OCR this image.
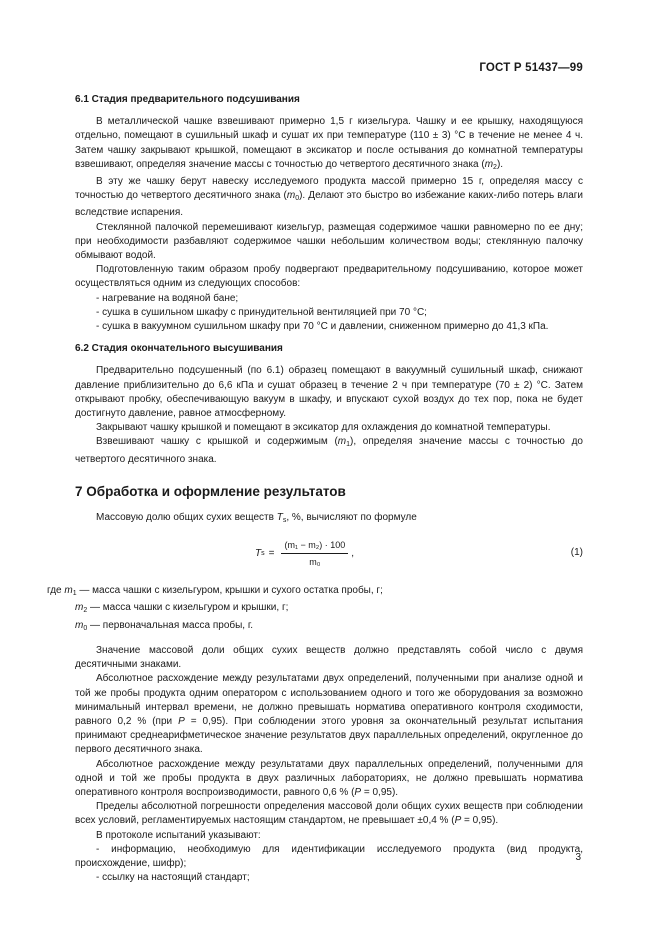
ГОСТ Р 51437—99
6.1 Стадия предварительного подсушивания

В металлической чашке взвешивают примерно 1,5 г кизельгура. Чашку и ее крышку, находящуюся отдельно, помещают в сушильный шкаф и сушат их при температуре (110 ± 3) °С в течение не менее 4 ч. Затем чашку закрывают крышкой, помещают в эксикатор и после остывания до комнатной температуры взвешивают, определяя значение массы с точностью до четвертого десятичного знака $(m_2)$.

В эту же чашку берут навеску исследуемого продукта массой примерно 15 г, определяя массу с точностью до четвертого десятичного знака $(m_0)$. Делают это быстро во избежание каких-либо потерь влаги вследствие испарения.

Стеклянной палочкой перемешивают кизельгур, размещая содержимое чашки равномерно по ее дну; при необходимости разбавляют содержимое чашки небольшим количеством воды; стеклянную палочку обмывают водой.

Подготовленную таким образом пробу подвергают предварительному подсушиванию, которое может осуществляться одним из следующих способов:

- нагревание на водяной бане;

- сушка в сушильном шкафу с принудительной вентиляцией при 70 °С;

- сушка в вакуумном сушильном шкафу при 70 °С и давлении, сниженном примерно до 41,3 кПа.

6.2 Стадия окончательного высушивания

Предварительно подсушенный (по 6.1) образец помещают в вакуумный сушильный шкаф, снижают давление приблизительно до 6,6 кПа и сушат образец в течение 2 ч при температуре (70 ± 2) °С. Затем открывают пробку, обеспечивающую вакуум в шкафу, и впускают сухой воздух до тех пор, пока не будет достигнуто давление, равное атмосферному.

Закрывают чашку крышкой и помещают в эксикатор для охлаждения до комнатной температуры.

Взвешивают чашку с крышкой и содержимым $(m_1)$, определяя значение массы с точностью до четвертого десятичного знака.

7 Обработка и оформление результатов

Массовую долю общих сухих веществ $T_s$, %, вычисляют по формуле

T $s = \frac{\text{(m₁ − m₂) · 100}}{\text{m₀}}$ ,	(1)

где $m_1$ — масса чашки с кизельгуром, крышки и сухого остатка пробы, г;

$m_2$ — масса чашки с кизельгуром и крышки, г;

$m_0$ — первоначальная масса пробы, г.

Значение массовой доли общих сухих веществ должно представлять собой число с двумя десятичными знаками.

Абсолютное расхождение между результатами двух определений, полученными при анализе одной и той же пробы продукта одним оператором с использованием одного и того же оборудования за возможно минимальный интервал времени, не должно превышать норматива оперативного контроля сходимости, равного 0,2 % (при P = 0,95). При соблюдении этого уровня за окончательный результат испытания принимают среднеарифметическое значение результатов двух параллельных определений, округленное до первого десятичного знака.

Абсолютное расхождение между результатами двух параллельных определений, полученными для одной и той же пробы продукта в двух различных лабораториях, не должно превышать норматива оперативного контроля воспроизводимости, равного 0,6 % (P = 0,95).

Пределы абсолютной погрешности определения массовой доли общих сухих веществ при соблюдении всех условий, регламентируемых настоящим стандартом, не превышает ±0,4 % (P = 0,95).

В протоколе испытаний указывают:

- информацию, необходимую для идентификации исследуемого продукта (вид продукта, происхождение, шифр);

- ссылку на настоящий стандарт;

3
